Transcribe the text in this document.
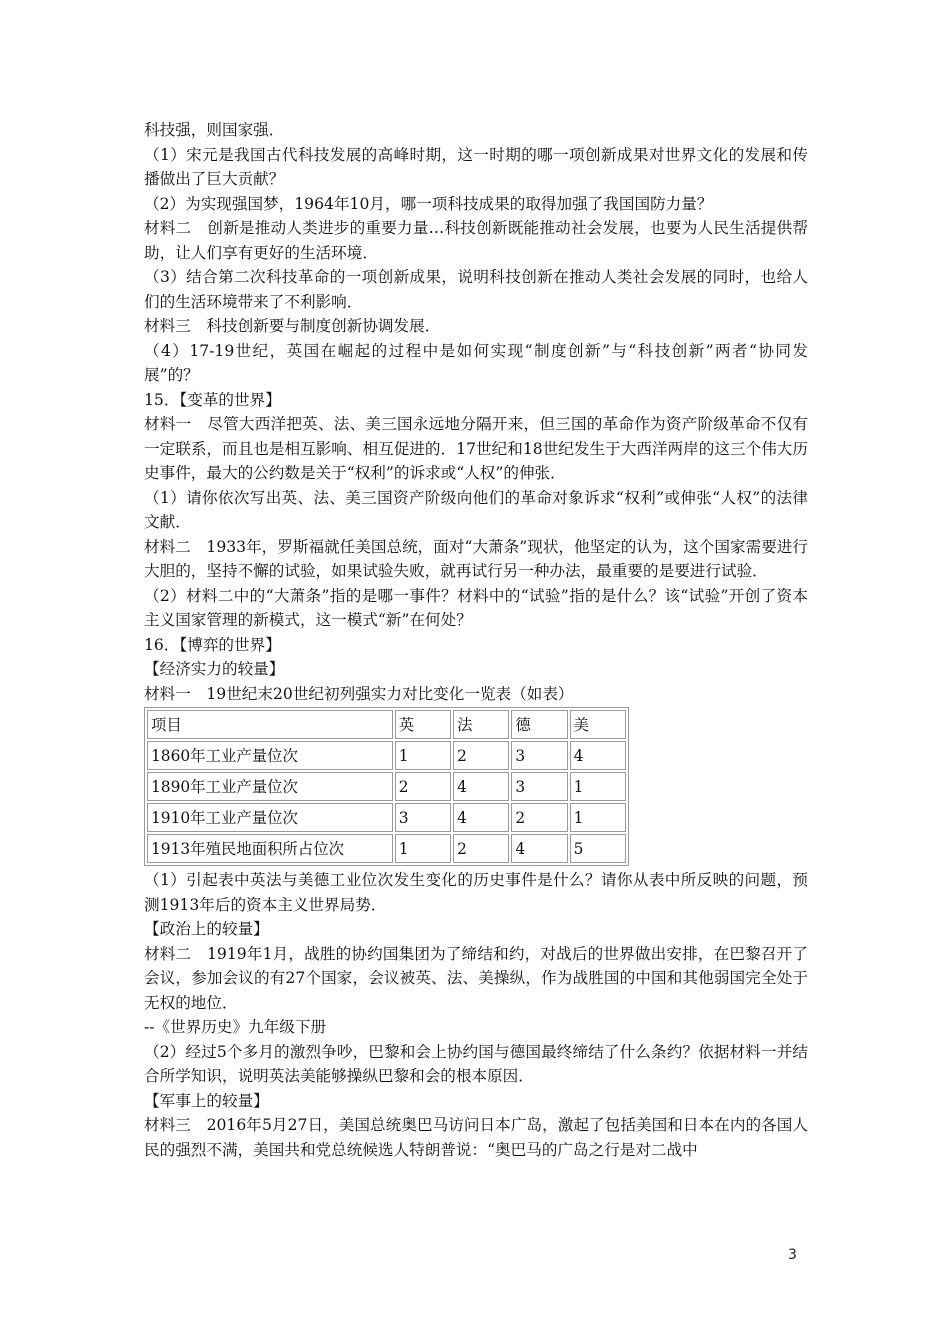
科技强，则国家强．

（1）宋元是我国古代科技发展的高峰时期，这一时期的哪一项创新成果对世界文化的发展和传播做出了巨大贡献？

（2）为实现强国梦，1964年10月，哪一项科技成果的取得加强了我国国防力量？

材料二　创新是推动人类进步的重要力量…科技创新既能推动社会发展，也要为人民生活提供帮助，让人们享有更好的生活环境．

（3）结合第二次科技革命的一项创新成果，说明科技创新在推动人类社会发展的同时，也给人们的生活环境带来了不利影响．

材料三　科技创新要与制度创新协调发展．

（4）17-19世纪，英国在崛起的过程中是如何实现“制度创新”与“科技创新”两者“协同发展”的？

15．【变革的世界】

材料一　尽管大西洋把英、法、美三国永远地分隔开来，但三国的革命作为资产阶级革命不仅有一定联系，而且也是相互影响、相互促进的．17世纪和18世纪发生于大西洋两岸的这三个伟大历史事件，最大的公约数是关于“权利”的诉求或“人权”的伸张．

（1）请你依次写出英、法、美三国资产阶级向他们的革命对象诉求“权利”或伸张“人权”的法律文献．

材料二　1933年，罗斯福就任美国总统，面对“大萧条”现状，他坚定的认为，这个国家需要进行大胆的，坚持不懈的试验，如果试验失败，就再试行另一种办法，最重要的是要进行试验．

（2）材料二中的“大萧条”指的是哪一事件？材料中的“试验”指的是什么？该“试验”开创了资本主义国家管理的新模式，这一模式“新”在何处？

16．【博弈的世界】

【经济实力的较量】

材料一　19世纪末20世纪初列强实力对比变化一览表（如表）

项目	英	法	德	美
1860年工业产量位次	1	2	3	4
1890年工业产量位次	2	4	3	1
1910年工业产量位次	3	4	2	1
1913年殖民地面积所占位次	1	2	4	5

（1）引起表中英法与美德工业位次发生变化的历史事件是什么？请你从表中所反映的问题，预测1913年后的资本主义世界局势．

【政治上的较量】

材料二　1919年1月，战胜的协约国集团为了缔结和约，对战后的世界做出安排，在巴黎召开了会议，参加会议的有27个国家，会议被英、法、美操纵，作为战胜国的中国和其他弱国完全处于无权的地位．

--《世界历史》九年级下册

（2）经过5个多月的激烈争吵，巴黎和会上协约国与德国最终缔结了什么条约？依据材料一并结合所学知识，说明英法美能够操纵巴黎和会的根本原因．

【军事上的较量】

材料三　2016年5月27日，美国总统奥巴马访问日本广岛，激起了包括美国和日本在内的各国人民的强烈不满，美国共和党总统候选人特朗普说：“奥巴马的广岛之行是对二战中

3
